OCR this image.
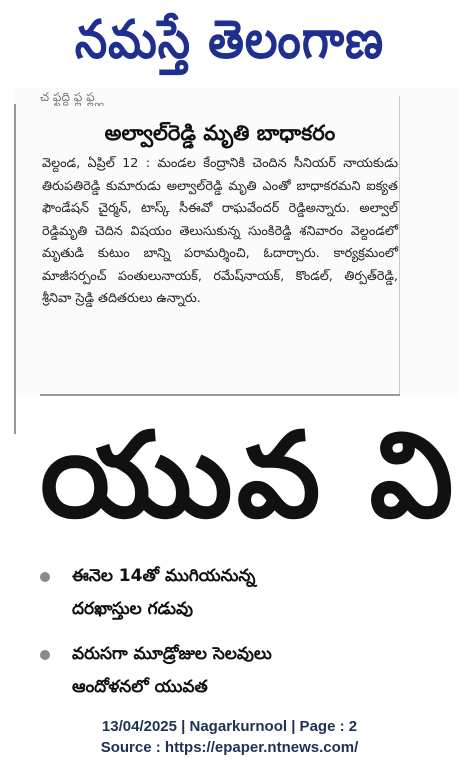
నమస్తే తెలంగాణ
చ ఫ్టద్ది ఫ్ల ఫ్ల్గ్గ
అల్వాల్‌రెడ్డి మృతి బాధాకరం
వెల్దండ, ఏప్రిల్ 12 : మండల కేంద్రానికి చెందిన సీనియర్ నాయకుడు తిరుపతిరెడ్డి కుమారుడు అల్వాల్‌రెడ్డి మృతి ఎంతో బాధాకరమని ఐక్యత ఫౌండేషన్ చైర్మన్, టాస్క్ సీఈవో రాఘవేందర్ రెడ్డిఅన్నారు. అల్వాల్ రెడ్డిమృతి చెదిన విషయం తెలుసుకున్న సుంకిరెడ్డి శనివారం వెల్దండలో మృతుడి కుటుం బాన్ని పరామర్శించి, ఓదార్చారు. కార్యక్రమంలో మాజీసర్పంచ్ పంతులునాయక్, రమేష్‌నాయక్, కొండల్, తిర్పత్‌రెడ్డి, శ్రీనివా స్రెడ్డి తదితరులు ఉన్నారు.
యువ వి
ఈనెల 14తో ముగియనున్న
దరఖాస్తుల గడువు
వరుసగా మూడ్రోజుల సెలవులు
ఆందోళనలో యువత
13/04/2025 | Nagarkurnool | Page : 2
Source : https://epaper.ntnews.com/
